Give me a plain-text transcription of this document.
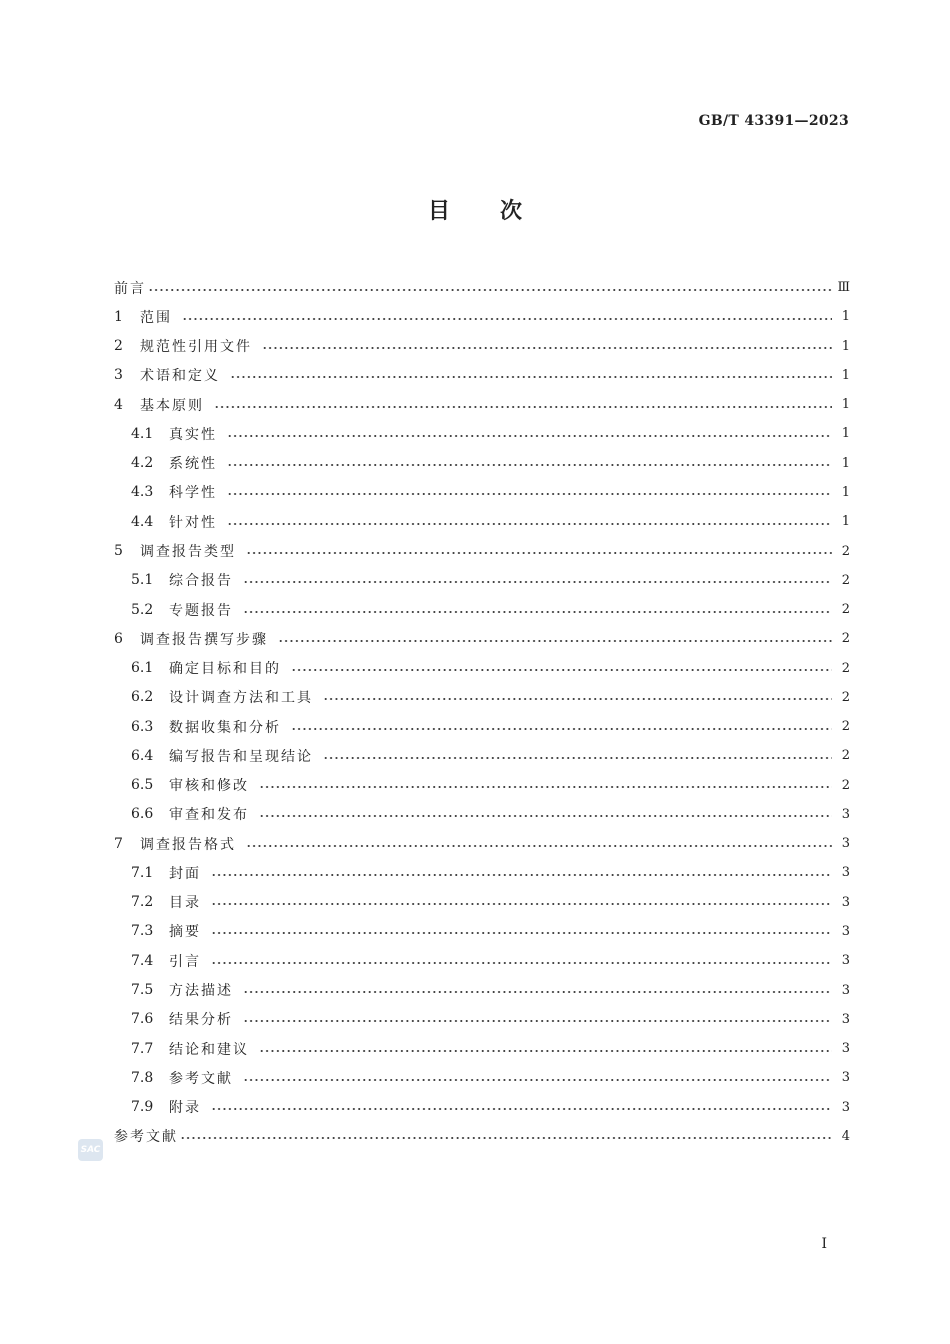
GB/T 43391—2023
目次
前言	Ⅲ
1	范围	1
2	规范性引用文件	1
3	术语和定义	1
4	基本原则	1
4.1	真实性	1
4.2	系统性	1
4.3	科学性	1
4.4	针对性	1
5	调查报告类型	2
5.1	综合报告	2
5.2	专题报告	2
6	调查报告撰写步骤	2
6.1	确定目标和目的	2
6.2	设计调查方法和工具	2
6.3	数据收集和分析	2
6.4	编写报告和呈现结论	2
6.5	审核和修改	2
6.6	审查和发布	3
7	调查报告格式	3
7.1	封面	3
7.2	目录	3
7.3	摘要	3
7.4	引言	3
7.5	方法描述	3
7.6	结果分析	3
7.7	结论和建议	3
7.8	参考文献	3
7.9	附录	3
参考文献	4
SAC
I
